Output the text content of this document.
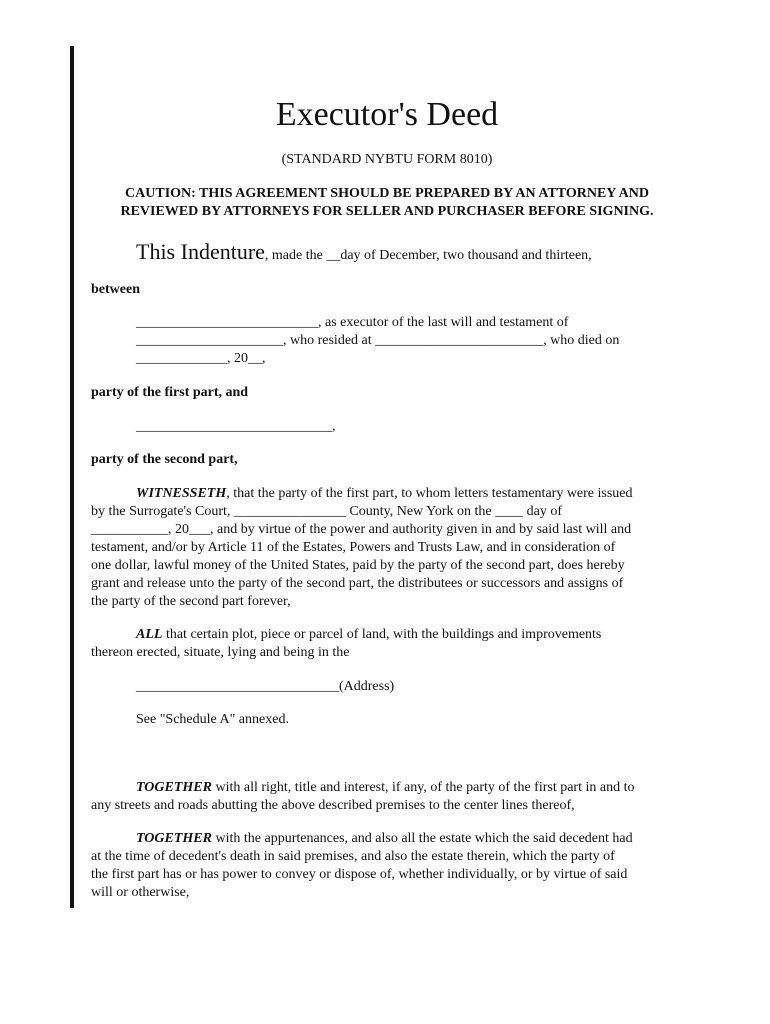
Executor's Deed
(STANDARD NYBTU FORM 8010)
CAUTION: THIS AGREEMENT SHOULD BE PREPARED BY AN ATTORNEY AND
REVIEWED BY ATTORNEYS FOR SELLER AND PURCHASER BEFORE SIGNING.
This Indenture, made the __day of December, two thousand and thirteen,
between
__________________________, as executor of the last will and testament of
_____________________, who resided at ________________________, who died on
_____________, 20__,
party of the first part, and
____________________________,
party of the second part,
WITNESSETH, that the party of the first part, to whom letters testamentary were issued
by the Surrogate's Court, ________________ County, New York on the ____ day of
___________, 20___, and by virtue of the power and authority given in and by said last will and
testament, and/or by Article 11 of the Estates, Powers and Trusts Law, and in consideration of
one dollar, lawful money of the United States, paid by the party of the second part, does hereby
grant and release unto the party of the second part, the distributees or successors and assigns of
the party of the second part forever,
ALL that certain plot, piece or parcel of land, with the buildings and improvements
thereon erected, situate, lying and being in the
_____________________________(Address)
See "Schedule A" annexed.
TOGETHER with all right, title and interest, if any, of the party of the first part in and to
any streets and roads abutting the above described premises to the center lines thereof,
TOGETHER with the appurtenances, and also all the estate which the said decedent had
at the time of decedent's death in said premises, and also the estate therein, which the party of
the first part has or has power to convey or dispose of, whether individually, or by virtue of said
will or otherwise,
